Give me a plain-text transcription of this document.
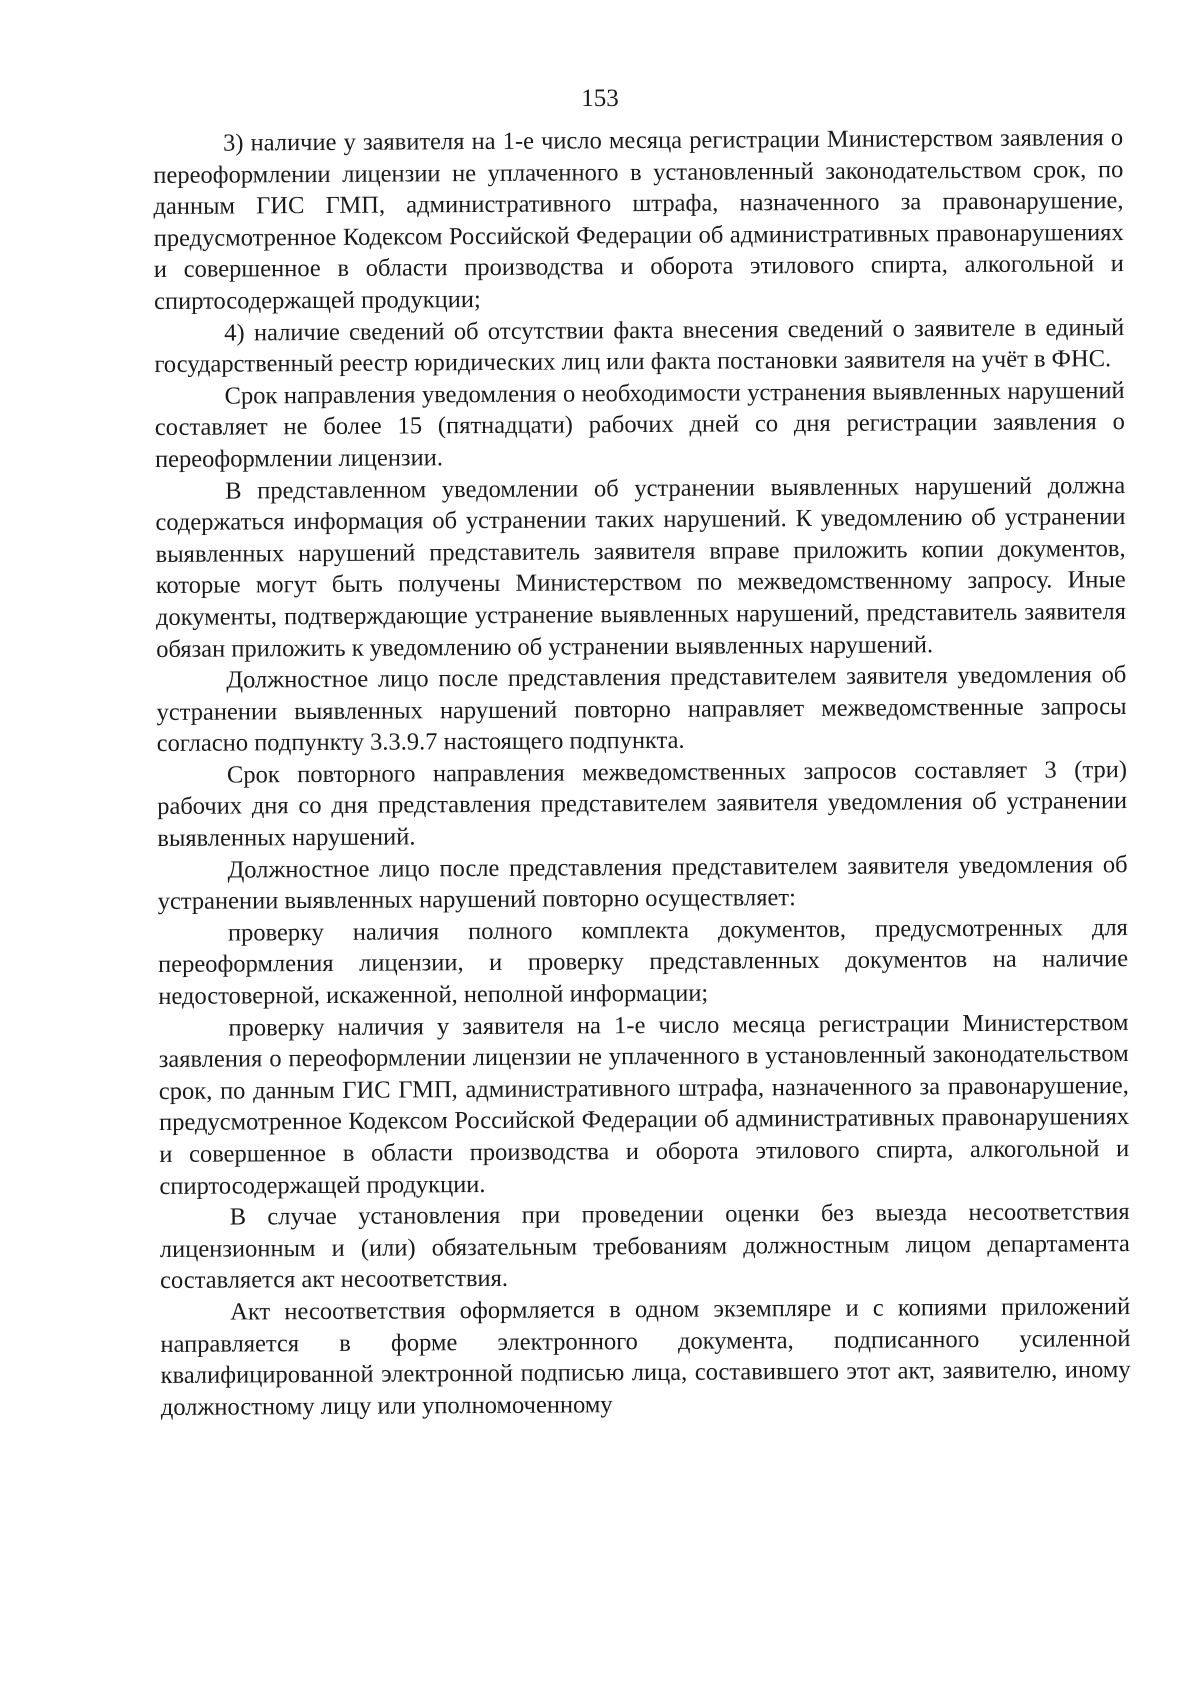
153

3) наличие у заявителя на 1-е число месяца регистрации Министерством заявления о переоформлении лицензии не уплаченного в установленный законодательством срок, по данным ГИС ГМП, административного штрафа, назначенного за правонарушение, предусмотренное Кодексом Российской Федерации об административных правонарушениях и совершенное в области производства и оборота этилового спирта, алкогольной и спиртосодержащей продукции;

4) наличие сведений об отсутствии факта внесения сведений о заявителе в единый государственный реестр юридических лиц или факта постановки заявителя на учёт в ФНС.

Срок направления уведомления о необходимости устранения выявленных нарушений составляет не более 15 (пятнадцати) рабочих дней со дня регистрации заявления о переоформлении лицензии.

В представленном уведомлении об устранении выявленных нарушений должна содержаться информация об устранении таких нарушений. К уведомлению об устранении выявленных нарушений представитель заявителя вправе приложить копии документов, которые могут быть получены Министерством по межведомственному запросу. Иные документы, подтверждающие устранение выявленных нарушений, представитель заявителя обязан приложить к уведомлению об устранении выявленных нарушений.

Должностное лицо после представления представителем заявителя уведомления об устранении выявленных нарушений повторно направляет межведомственные запросы согласно подпункту 3.3.9.7 настоящего подпункта.

Срок повторного направления межведомственных запросов составляет 3 (три) рабочих дня со дня представления представителем заявителя уведомления об устранении выявленных нарушений.

Должностное лицо после представления представителем заявителя уведомления об устранении выявленных нарушений повторно осуществляет:

проверку наличия полного комплекта документов, предусмотренных для переоформления лицензии, и проверку представленных документов на наличие недостоверной, искаженной, неполной информации;

проверку наличия у заявителя на 1-е число месяца регистрации Министерством заявления о переоформлении лицензии не уплаченного в установленный законодательством срок, по данным ГИС ГМП, административного штрафа, назначенного за правонарушение, предусмотренное Кодексом Российской Федерации об административных правонарушениях и совершенное в области производства и оборота этилового спирта, алкогольной и спиртосодержащей продукции.

В случае установления при проведении оценки без выезда несоответствия лицензионным и (или) обязательным требованиям должностным лицом департамента составляется акт несоответствия.

Акт несоответствия оформляется в одном экземпляре и с копиями приложений направляется в форме электронного документа, подписанного усиленной квалифицированной электронной подписью лица, составившего этот акт, заявителю, иному должностному лицу или уполномоченному
